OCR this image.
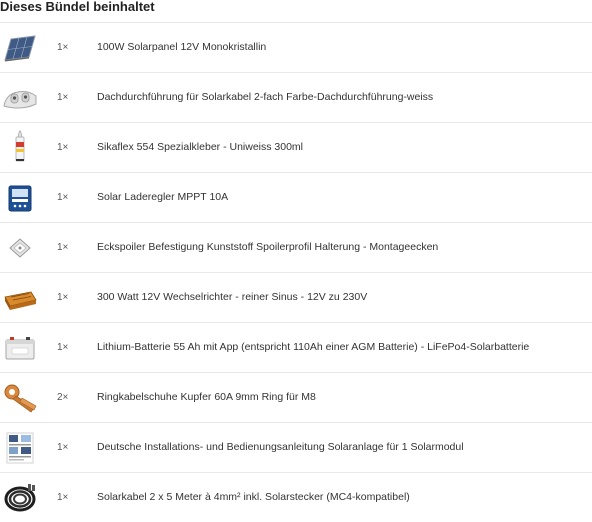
Dieses Bündel beinhaltet
1×	100W Solarpanel 12V Monokristallin
1×	Dachdurchführung für Solarkabel 2-fach Farbe-Dachdurchführung-weiss
1×	Sikaflex 554 Spezialkleber - Uniweiss 300ml
1×	Solar Laderegler MPPT 10A
1×	Eckspoiler Befestigung Kunststoff Spoilerprofil Halterung - Montageecken
1×	300 Watt 12V Wechselrichter - reiner Sinus - 12V zu 230V
1×	Lithium-Batterie 55 Ah mit App (entspricht 110Ah einer AGM Batterie) - LiFePo4-Solarbatterie
2×	Ringkabelschuhe Kupfer 60A 9mm Ring für M8
1×	Deutsche Installations- und Bedienungsanleitung Solaranlage für 1 Solarmodul
1×	Solarkabel 2 x 5 Meter à 4mm² inkl. Solarstecker (MC4-kompatibel)
